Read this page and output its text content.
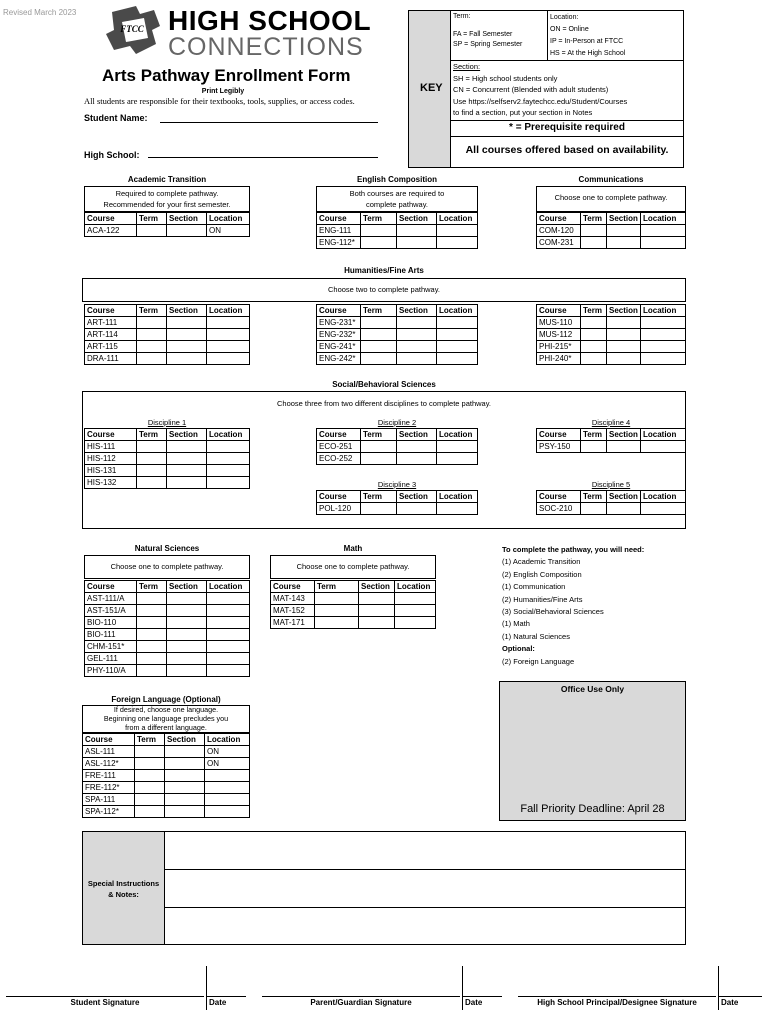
Revised March 2023
FTCC HIGH SCHOOL
CONNECTIONS
Arts Pathway Enrollment Form
Print Legibly
All students are responsible for their textbooks, tools, supplies, or access codes.
Student Name:
High School:
KEY
Term:
FA = Fall Semester
SP = Spring Semester
Location:
ON = Online
IP = In-Person at FTCC
HS = At the High School
Section:
SH = High school students only
CN = Concurrent (Blended with adult students)
Use https://selfserv2.faytechcc.edu/Student/Courses
to find a section, put your section in Notes
* = Prerequisite required
All courses offered based on availability.
Academic Transition
Required to complete pathway.
Recommended for your first semester.
Course	Term	Section	Location
ACA-122			ON
English Composition
Both courses are required to
complete pathway.
Course	Term	Section	Location
ENG-111			
ENG-112*			
Communications
Choose one to complete pathway.
Course	Term	Section	Location
COM-120			
COM-231			
Humanities/Fine Arts
Choose two to complete pathway.
Course	Term	Section	Location
ART-111			
ART-114			
ART-115			
DRA-111			
Course	Term	Section	Location
ENG-231*			
ENG-232*			
ENG-241*			
ENG-242*			
Course	Term	Section	Location
MUS-110			
MUS-112			
PHI-215*			
PHI-240*			
Social/Behavioral Sciences
Choose three from two different disciplines to complete pathway.
Discipline 1
Course	Term	Section	Location
HIS-111			
HIS-112			
HIS-131			
HIS-132			
Discipline 2
Course	Term	Section	Location
ECO-251			
ECO-252			
Discipline 3
Course	Term	Section	Location
POL-120			
Discipline 4
Course	Term	Section	Location
PSY-150			
Discipline 5
Course	Term	Section	Location
SOC-210			
Natural Sciences
Choose one to complete pathway.
Course	Term	Section	Location
AST-111/A			
AST-151/A			
BIO-110			
BIO-111			
CHM-151*			
GEL-111			
PHY-110/A			
Math
Choose one to complete pathway.
Course	Term	Section	Location
MAT-143			
MAT-152			
MAT-171			
To complete the pathway, you will need:
(1) Academic Transition
(2) English Composition
(1) Communication
(2) Humanities/Fine Arts
(3) Social/Behavioral Sciences
(1) Math
(1) Natural Sciences
Optional:
(2) Foreign Language
Foreign Language (Optional)
If desired, choose one language.
Beginning one language precludes you
from a different language.
Course	Term	Section	Location
ASL-111			ON
ASL-112*			ON
FRE-111			
FRE-112*			
SPA-111			
SPA-112*			
Office Use Only
Fall Priority Deadline: April 28
Special Instructions
& Notes:
Student Signature	Date	Parent/Guardian Signature	Date	High School Principal/Designee Signature	Date
